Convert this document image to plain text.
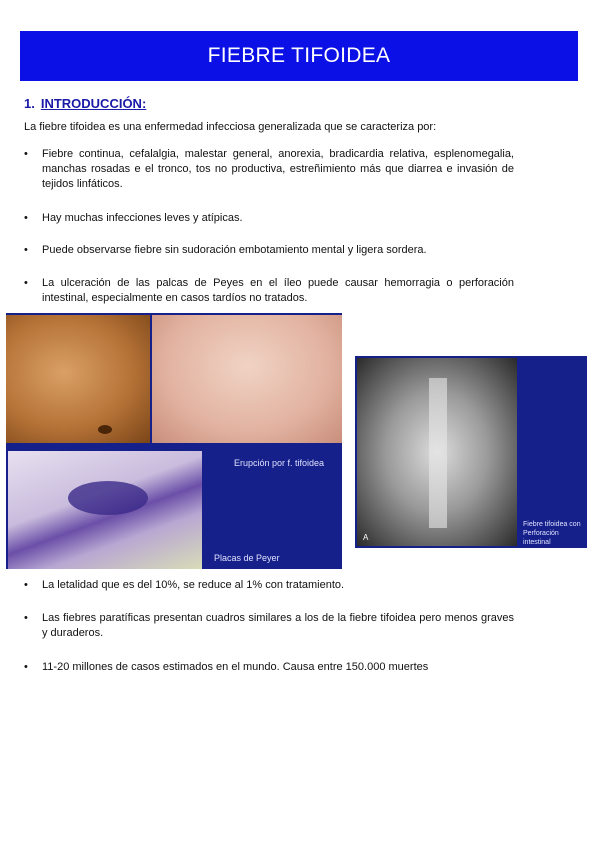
FIEBRE TIFOIDEA
1. INTRODUCCIÓN:
La fiebre tifoidea es una enfermedad infecciosa generalizada que se caracteriza por:
• Fiebre continua, cefalalgia, malestar general, anorexia, bradicardia relativa, esplenomegalia, manchas rosadas e el tronco, tos no productiva, estreñimiento más que diarrea e invasión de tejidos linfáticos.
• Hay muchas infecciones leves y atípicas.
• Puede observarse fiebre sin sudoración embotamiento mental y ligera sordera.
• La ulceración de las palcas de Peyes en el íleo puede causar hemorragia o perforación intestinal, especialmente en casos tardíos no tratados.
Erupción por f. tifoidea
Placas de Peyer
A
Fiebre tifoidea con Perforación intestinal
• La letalidad que es del 10%, se reduce al 1% con tratamiento.
• Las fiebres paratíficas presentan cuadros similares a los de la fiebre tifoidea pero menos graves y duraderos.
• 11-20 millones de casos estimados en el mundo. Causa entre 150.000 muertes
